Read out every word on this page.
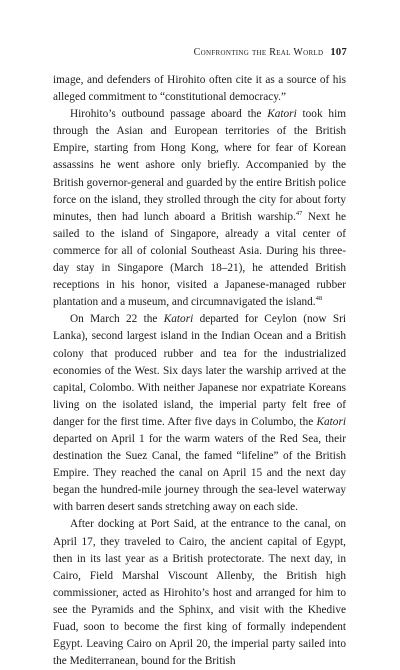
Confronting the Real World 107

image, and defenders of Hirohito often cite it as a source of his alleged commitment to “constitutional democracy.”

Hirohito’s outbound passage aboard the Katori took him through the Asian and European territories of the British Empire, starting from Hong Kong, where for fear of Korean assassins he went ashore only briefly. Accompanied by the British governor-general and guarded by the entire British police force on the island, they strolled through the city for about forty minutes, then had lunch aboard a British warship.$^{47}$ Next he sailed to the island of Singapore, already a vital center of commerce for all of colonial Southeast Asia. During his three-day stay in Singapore (March 18–21), he attended British receptions in his honor, visited a Japanese-managed rubber plantation and a museum, and circumnavigated the island.$^{48}$

On March 22 the Katori departed for Ceylon (now Sri Lanka), second largest island in the Indian Ocean and a British colony that produced rubber and tea for the industrialized economies of the West. Six days later the warship arrived at the capital, Colombo. With neither Japanese nor expatriate Koreans living on the isolated island, the imperial party felt free of danger for the first time. After five days in Columbo, the Katori departed on April 1 for the warm waters of the Red Sea, their destination the Suez Canal, the famed “lifeline” of the British Empire. They reached the canal on April 15 and the next day began the hundred-mile journey through the sea-level waterway with barren desert sands stretching away on each side.

After docking at Port Said, at the entrance to the canal, on April 17, they traveled to Cairo, the ancient capital of Egypt, then in its last year as a British protectorate. The next day, in Cairo, Field Marshal Viscount Allenby, the British high commissioner, acted as Hirohito’s host and arranged for him to see the Pyramids and the Sphinx, and visit with the Khedive Fuad, soon to become the first king of formally independent Egypt. Leaving Cairo on April 20, the imperial party sailed into the Mediterranean, bound for the British
